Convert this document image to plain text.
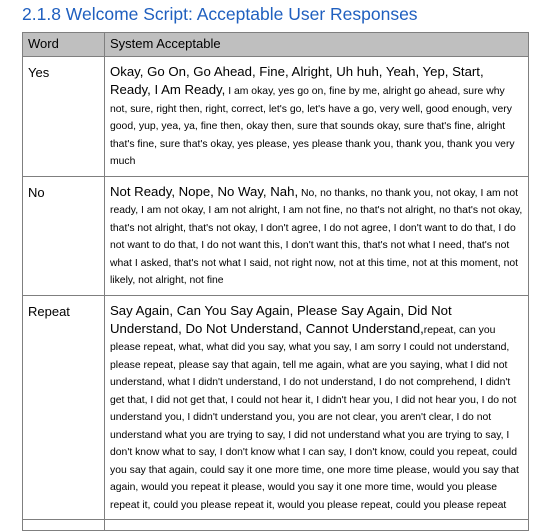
2.1.8 Welcome Script: Acceptable User Responses
Word	System Acceptable
Yes	Okay, Go On, Go Ahead, Fine, Alright, Uh huh, Yeah, Yep, Start, Ready, I Am Ready, I am okay, yes go on, fine by me, alright go ahead, sure why not, sure, right then, right, correct, let's go, let's have a go, very well, good enough, very good, yup, yea, ya, fine then, okay then, sure that sounds okay, sure that's fine, alright that's fine, sure that's okay, yes please, yes please thank you, thank you, thank you very much
No	Not Ready, Nope, No Way, Nah, No, no thanks, no thank you, not okay, I am not ready, I am not okay, I am not alright, I am not fine, no that's not alright, no that's not okay, that's not alright, that's not okay, I don't agree, I do not agree, I don't want to do that, I do not want to do that, I do not want this, I don't want this, that's not what I need, that's not what I asked, that's not what I said, not right now, not at this time, not at this moment, not likely, not alright, not fine
Repeat	Say Again, Can You Say Again, Please Say Again, Did Not Understand, Do Not Understand, Cannot Understand,repeat, can you please repeat, what, what did you say, what you say, I am sorry I could not understand, please repeat, please say that again, tell me again, what are you saying, what I did not understand, what I didn't understand, I do not understand, I do not comprehend, I didn't get that, I did not get that, I could not hear it, I didn't hear you, I did not hear you, I do not understand you, I didn't understand you, you are not clear, you aren't clear, I do not understand what you are trying to say, I did not understand what you are trying to say, I don't know what to say, I don't know what I can say, I don't know, could you repeat, could you say that again, could say it one more time, one more time please, would you say that again, would you repeat it please, would you say it one more time, would you please repeat it, could you please repeat it, would you please repeat, could you please repeat
